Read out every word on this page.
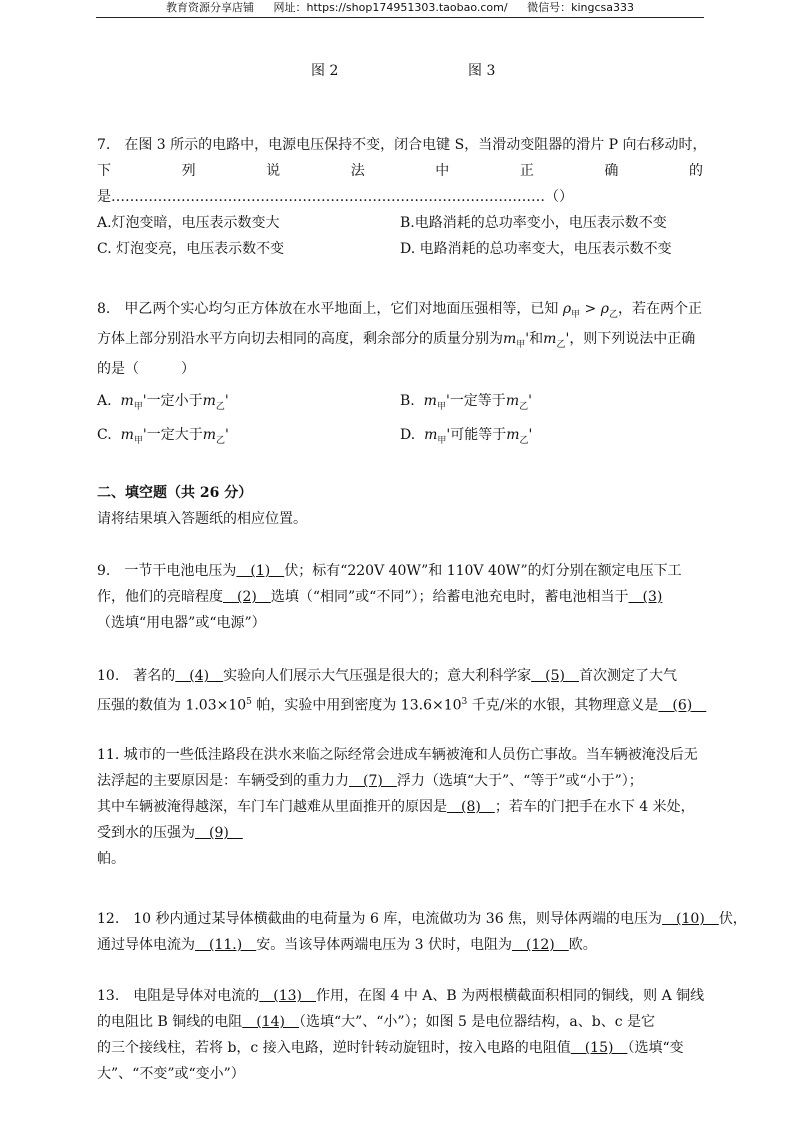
教育资源分享店铺 网址：https://shop174951303.taobao.com/ 微信号：kingcsa333
图 2	图 3
7.　在图 3 所示的电路中，电源电压保持不变，闭合电键 S，当滑动变阻器的滑片 P 向右移动时，
下	列	说	法	中	正	确	的
是…………………………………………………………………………………（）
A.灯泡变暗，电压表示数变大	B.电路消耗的总功率变小，电压表示数不变
C. 灯泡变亮，电压表示数不变	D. 电路消耗的总功率变大，电压表示数不变
8.　甲乙两个实心均匀正方体放在水平地面上，它们对地面压强相等，已知 $\rho_甲 > \rho_乙$，若在两个正
方体上部分别沿水平方向切去相同的高度，剩余部分的质量分别为$m_甲'$和$m_乙'$，则下列说法中正确
的是（　　　）
A. $m_甲'$一定小于$m_乙'$	B. $m_甲'$一定等于$m_乙'$
C. $m_甲'$一定大于$m_乙'$	D. $m_甲'$可能等于$m_乙'$
二、填空题（共 26 分）
请将结果填入答题纸的相应位置。
9.　一节干电池电压为　(1)　伏；标有“220V 40W”和 110V 40W”的灯分别在额定电压下工
作，他们的亮暗程度　(2)　选填（“相同”或“不同”）；给蓄电池充电时，蓄电池相当于　(3)
（选填“用电器”或“电源”）
10.　著名的　(4)　实验向人们展示大气压强是很大的；意大利科学家　(5)　首次测定了大气
压强的数值为 $1.03\times 10^5$ 帕，实验中用到密度为 $13.6\times 10^3$ 千克/米的水银，其物理意义是　(6)　
11. 城市的一些低洼路段在洪水来临之际经常会进成车辆被淹和人员伤亡事故。当车辆被淹没后无
法浮起的主要原因是：车辆受到的重力力　(7)　浮力（选填“大于”、“等于”或“小于”）；
其中车辆被淹得越深，车门车门越难从里面推开的原因是　(8)　；若车的门把手在水下 4 米处，
受到水的压强为　(9)　
帕。
12.　10 秒内通过某导体横截曲的电荷量为 6 库，电流做功为 36 焦，则导体两端的电压为　(10)　伏，
通过导体电流为　(11.)　安。当该导体两端电压为 3 伏时，电阻为　(12)　欧。
13.　电阻是导体对电流的　(13)　作用，在图 4 中 A、B 为两根横截面积相同的铜线，则 A 铜线
的电阻比 B 铜线的电阻　(14)　（选填“大”、“小”）；如图 5 是电位器结构，a、b、c 是它
的三个接线柱，若将 b，c 接入电路，逆时针转动旋钮时，按入电路的电阻值　(15)　（选填“变
大”、“不变”或“变小”）
